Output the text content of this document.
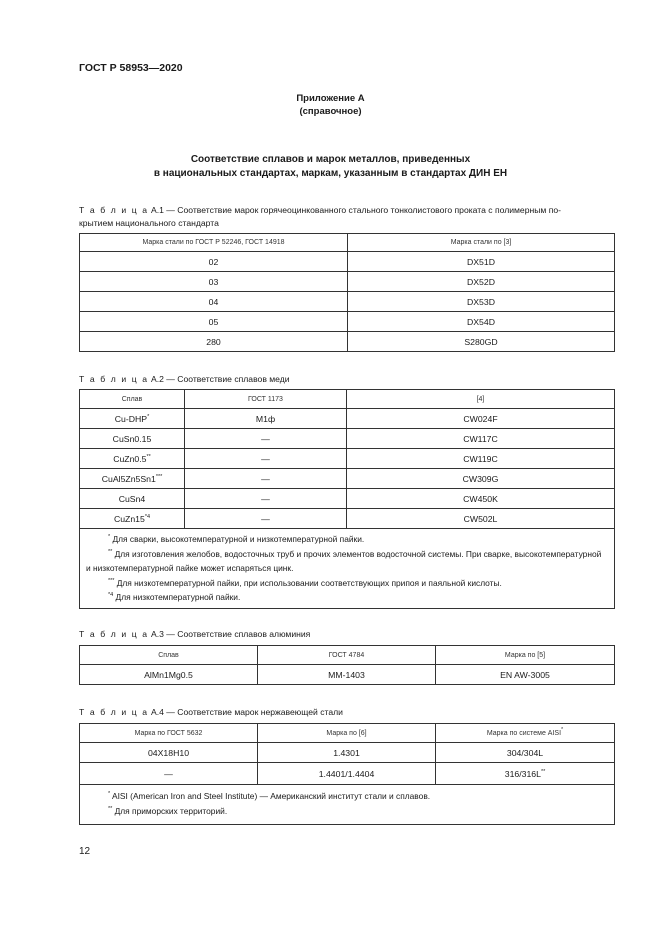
ГОСТ Р 58953—2020
Приложение А
(справочное)
Соответствие сплавов и марок металлов, приведенных
в национальных стандартах, маркам, указанным в стандартах ДИН ЕН
Т а б л и ц а А.1 — Соответствие марок горячеоцинкованного стального тонколистового проката с полимерным по-
крытием национального стандарта
Марка стали по ГОСТ Р 52246, ГОСТ 14918	Марка стали по [3]
02	DX51D
03	DX52D
04	DX53D
05	DX54D
280	S280GD
Т а б л и ц а А.2 — Соответствие сплавов меди
Сплав	ГОСТ 1173	[4]
Cu-DHP*	М1ф	CW024F
CuSn0.15	—	CW117C
CuZn0.5**	—	CW119C
CuAl5Zn5Sn1***	—	CW309G
CuSn4	—	CW450K
CuZn15$^{*4}$	—	CW502L

* Для сварки, высокотемпературной и низкотемпературной пайки.
** Для изготовления желобов, водосточных труб и прочих элементов водосточной системы. При сварке, высокотемпературной и низкотемпературной пайке может испаряться цинк.
*** Для низкотемпературной пайки, при использовании соответствующих припоя и паяльной кислоты.
$^{*4}$ Для низкотемпературной пайки.		
Т а б л и ц а А.3 — Соответствие сплавов алюминия
Сплав	ГОСТ 4784	Марка по [5]
AlMn1Mg0.5	ММ-1403	EN AW-3005
Т а б л и ц а А.4 — Соответствие марок нержавеющей стали
Марка по ГОСТ 5632	Марка по [6]	Марка по системе AISI*
04Х18Н10	1.4301	304/304L
—	1.4401/1.4404	316/316L**

* AISI (American Iron and Steel Institute) — Американский институт стали и сплавов.
** Для приморских территорий.		
12
